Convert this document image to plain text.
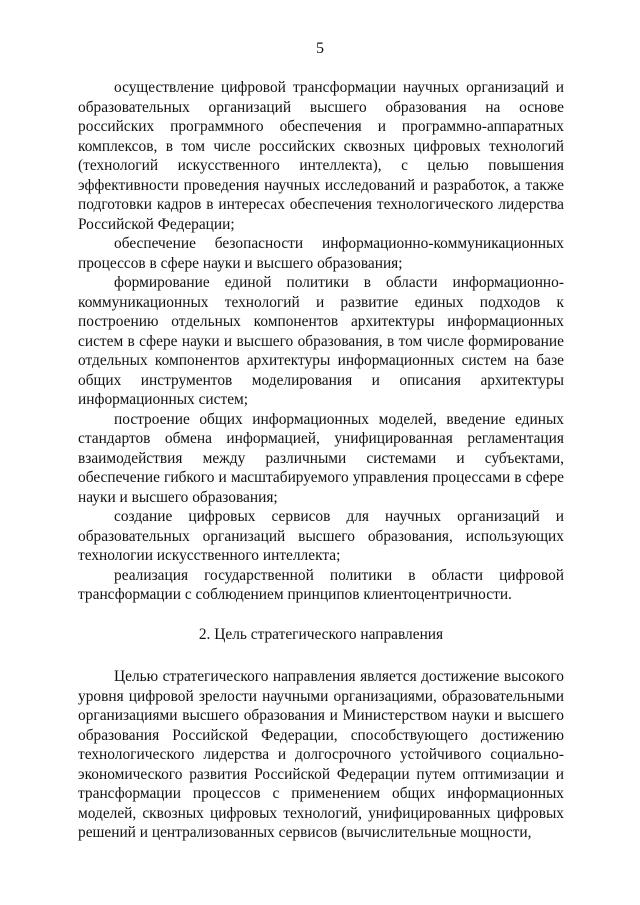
5

осуществление цифровой трансформации научных организаций и образовательных организаций высшего образования на основе российских программного обеспечения и программно-аппаратных комплексов, в том числе российских сквозных цифровых технологий (технологий искусственного интеллекта), с целью повышения эффективности проведения научных исследований и разработок, а также подготовки кадров в интересах обеспечения технологического лидерства Российской Федерации;

обеспечение безопасности информационно-коммуникационных процессов в сфере науки и высшего образования;

формирование единой политики в области информационно-коммуникационных технологий и развитие единых подходов к построению отдельных компонентов архитектуры информационных систем в сфере науки и высшего образования, в том числе формирование отдельных компонентов архитектуры информационных систем на базе общих инструментов моделирования и описания архитектуры информационных систем;

построение общих информационных моделей, введение единых стандартов обмена информацией, унифицированная регламентация взаимодействия между различными системами и субъектами, обеспечение гибкого и масштабируемого управления процессами в сфере науки и высшего образования;

создание цифровых сервисов для научных организаций и образовательных организаций высшего образования, использующих технологии искусственного интеллекта;

реализация государственной политики в области цифровой трансформации с соблюдением принципов клиентоцентричности.

2. Цель стратегического направления

Целью стратегического направления является достижение высокого уровня цифровой зрелости научными организациями, образовательными организациями высшего образования и Министерством науки и высшего образования Российской Федерации, способствующего достижению технологического лидерства и долгосрочного устойчивого социально-экономического развития Российской Федерации путем оптимизации и трансформации процессов с применением общих информационных моделей, сквозных цифровых технологий, унифицированных цифровых решений и централизованных сервисов (вычислительные мощности,
